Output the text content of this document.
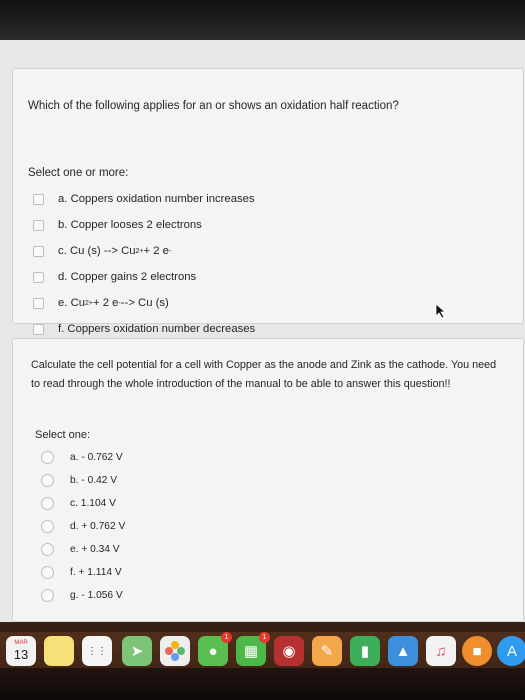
Which of the following applies for an or shows an oxidation half reaction?
Select one or more:
a.
Coppers oxidation number increases
b.
Copper looses 2 electrons
c.
Cu (s) --> Cu 2+ + 2 e -
d.
Copper gains 2 electrons
e.
Cu 2+ + 2 e - --> Cu (s)
f.
Coppers oxidation number decreases
Calculate the cell potential for a cell with Copper as the anode and Zink as the cathode. You need to read through the whole introduction of the manual to be able to answer this question!!
Select one:
a.
- 0.762 V
b.
- 0.42 V
c.
1.104 V
d.
+ 0.762 V
e.
+ 0.34 V
f.
+ 1.114 V
g.
- 1.056 V
MAR
13	⋮⋮	➤	●
1
▦
1
◉	✎	▮	▲	♫	■	A
